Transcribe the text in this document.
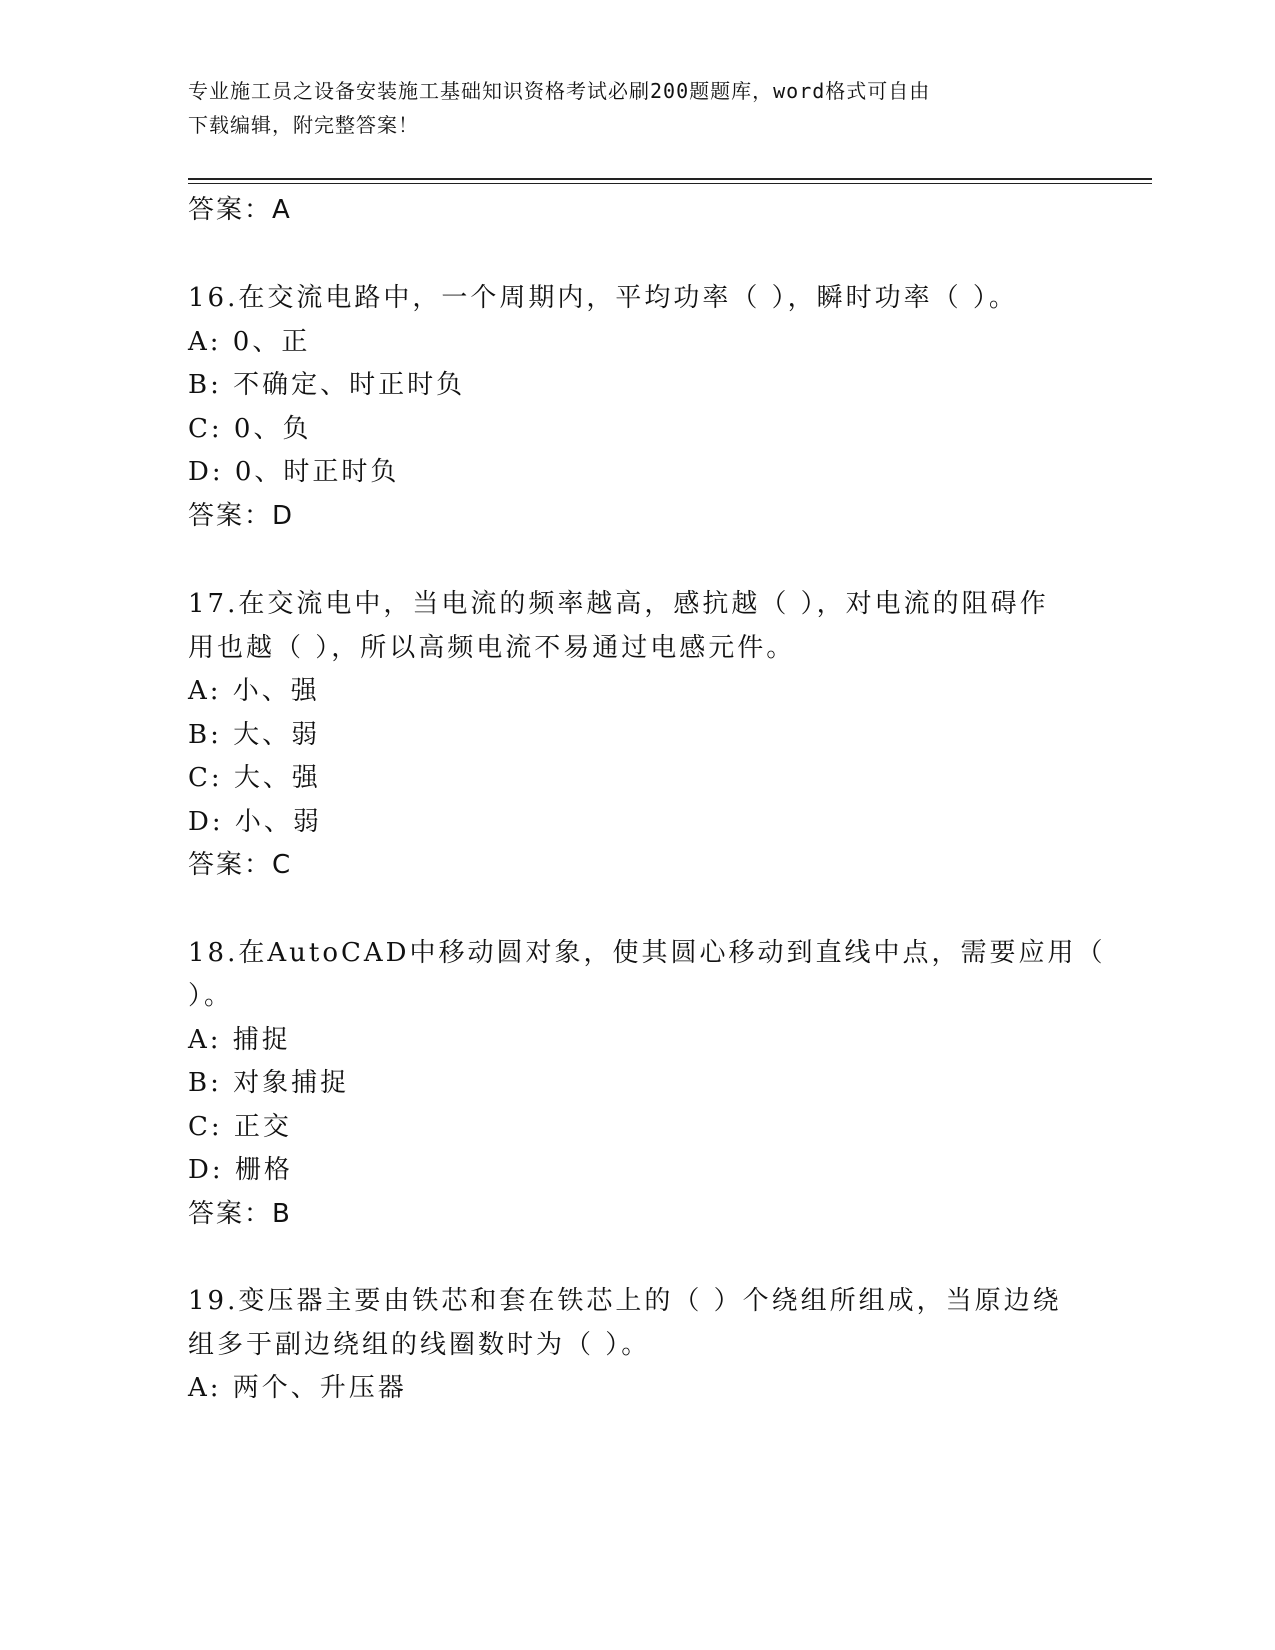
专业施工员之设备安装施工基础知识资格考试必刷200题题库，word格式可自由
下载编辑，附完整答案！
答案：A
16.在交流电路中，一个周期内，平均功率（ ），瞬时功率（ ）。
A: 0、正
B: 不确定、时正时负
C: 0、负
D: 0、时正时负
答案：D
17.在交流电中，当电流的频率越高，感抗越（ ），对电流的阻碍作
用也越（ ），所以高频电流不易通过电感元件。
A: 小、强
B: 大、弱
C: 大、强
D: 小、弱
答案：C
18.在AutoCAD中移动圆对象，使其圆心移动到直线中点，需要应用（
）。
A: 捕捉
B: 对象捕捉
C: 正交
D: 栅格
答案：B
19.变压器主要由铁芯和套在铁芯上的（ ）个绕组所组成，当原边绕
组多于副边绕组的线圈数时为（ ）。
A: 两个、升压器
